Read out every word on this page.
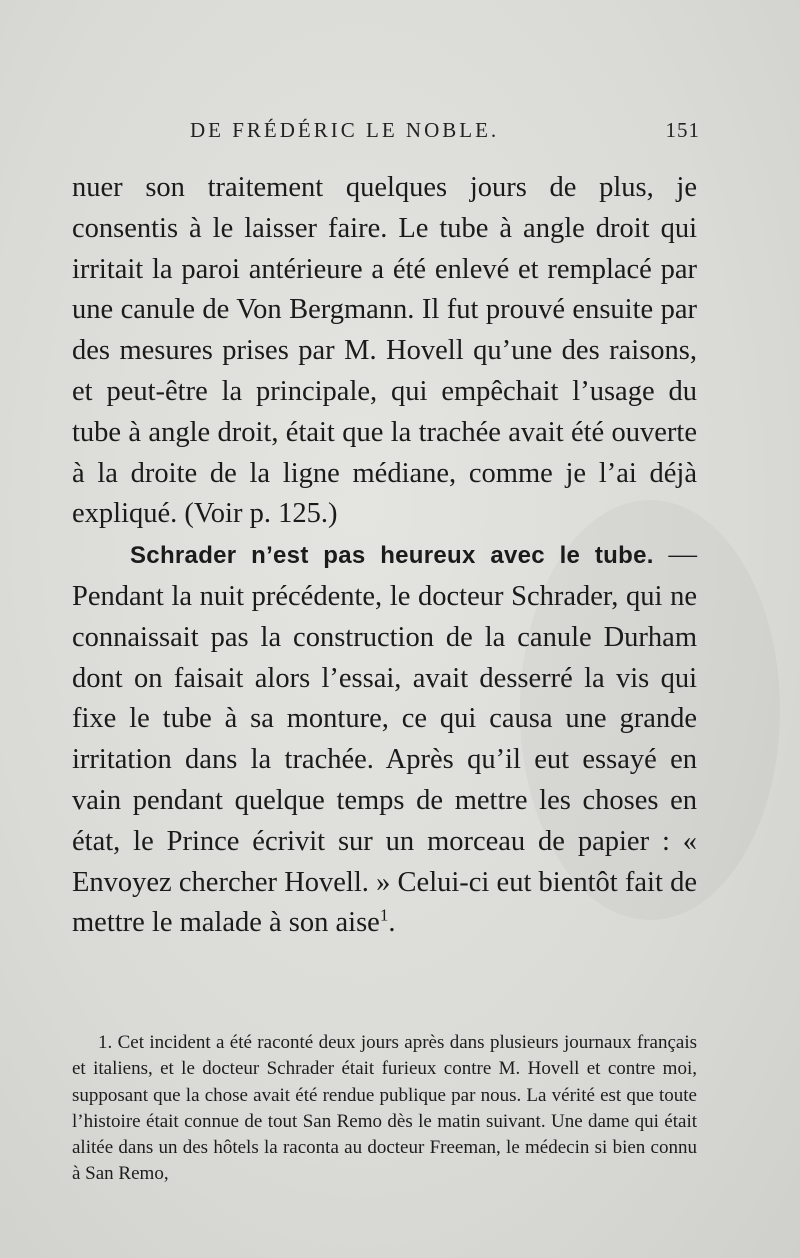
DE FRÉDÉRIC LE NOBLE.	151

nuer son traitement quelques jours de plus, je consentis à le laisser faire. Le tube à angle droit qui irritait la paroi antérieure a été enlevé et remplacé par une canule de Von Bergmann. Il fut prouvé ensuite par des mesures prises par M. Hovell qu’une des raisons, et peut-être la principale, qui empêchait l’usage du tube à angle droit, était que la trachée avait été ouverte à la droite de la ligne médiane, comme je l’ai déjà expliqué. (Voir p. 125.)

Schrader n’est pas heureux avec le tube. — Pendant la nuit précédente, le docteur Schrader, qui ne connaissait pas la construction de la canule Durham dont on faisait alors l’essai, avait desserré la vis qui fixe le tube à sa monture, ce qui causa une grande irritation dans la trachée. Après qu’il eut essayé en vain pendant quelque temps de mettre les choses en état, le Prince écrivit sur un morceau de papier : « Envoyez chercher Hovell. » Celui-ci eut bientôt fait de mettre le malade à son aise$^1$.

1. Cet incident a été raconté deux jours après dans plusieurs journaux français et italiens, et le docteur Schrader était furieux contre M. Hovell et contre moi, supposant que la chose avait été rendue publique par nous. La vérité est que toute l’histoire était connue de tout San Remo dès le matin suivant. Une dame qui était alitée dans un des hôtels la raconta au docteur Freeman, le médecin si bien connu à San Remo,
